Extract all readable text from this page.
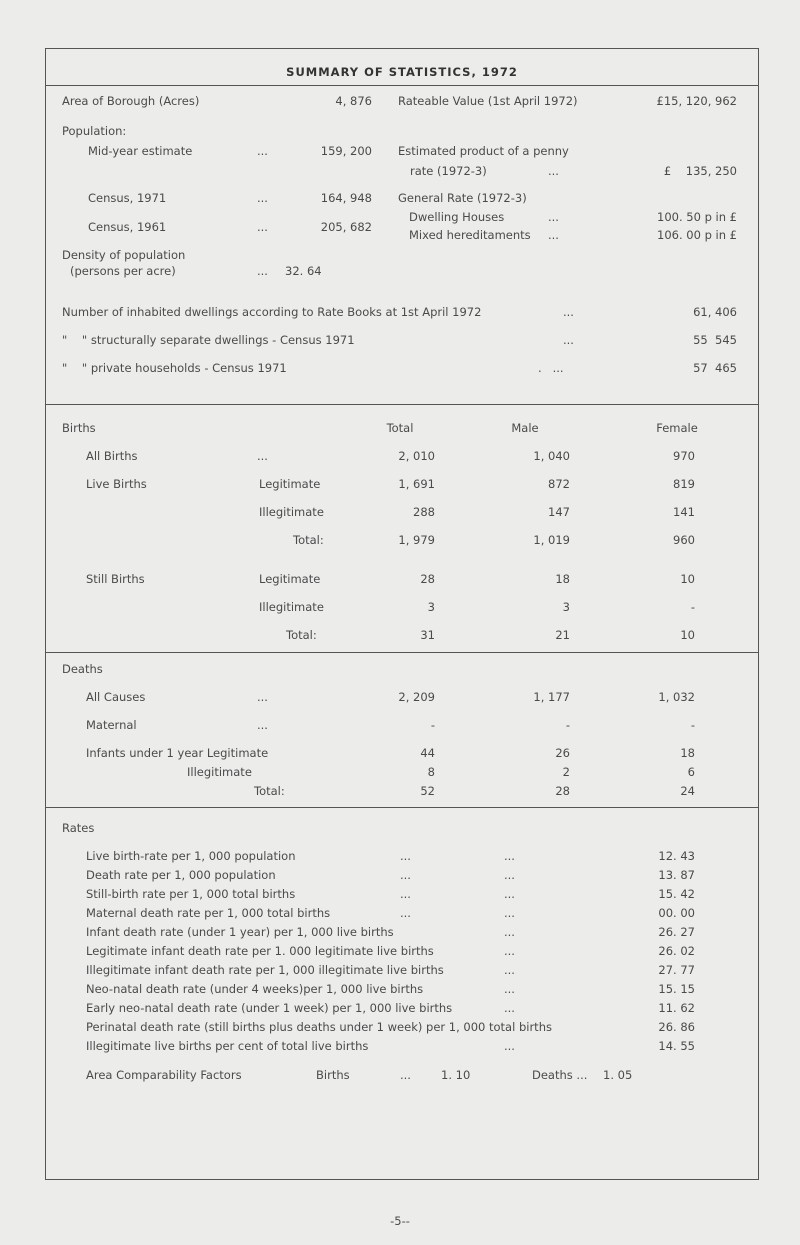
SUMMARY OF STATISTICS, 1972
Area of Borough (Acres)	4, 876 Rateable Value (1st April 1972)	£15, 120, 962
Population:
Mid-year estimate	...	159, 200 Estimated product of a penny
rate (1972-3)	...	£    135, 250
Census, 1971	...	164, 948 General Rate (1972-3)
Census, 1961	...	205, 682
Dwelling Houses	...	100. 50 p in £
Mixed hereditaments ...	106. 00 p in £
Density of population
(persons per acre)	... 32. 64
Number of inhabited dwellings according to Rate Books at 1st April 1972	...	61, 406
"    " structurally separate dwellings - Census 1971	...	55  545
"    " private households - Census 1971	.   ...	57  465
Births	Total	Male	Female
All Births	...	2, 010	1, 040	970
Live Births	Legitimate	1, 691	872	819
Illegitimate	288	147	141
Total:	1, 979	1, 019	960
Still Births	Legitimate	28	18	10
Illegitimate	3	3	-
Total:	31	21	10
Deaths
All Causes	...	2, 209	1, 177	1, 032
Maternal	...	-	-	-
Infants under 1 year Legitimate	44	26	18
Illegitimate	8	2	6
Total:	52	28	24
Rates
Live birth-rate per 1, 000 population	...	...	12. 43
Death rate per 1, 000 population	...	...	13. 87
Still-birth rate per 1, 000 total births	...	...	15. 42
Maternal death rate per 1, 000 total births	...	...	00. 00
Infant death rate (under 1 year) per 1, 000 live births	...	26. 27
Legitimate infant death rate per 1. 000 legitimate live births	...	26. 02
Illegitimate infant death rate per 1, 000 illegitimate live births	...	27. 77
Neo-natal death rate (under 4 weeks)per 1, 000 live births	...	15. 15
Early neo-natal death rate (under 1 week) per 1, 000 live births	...	11. 62
Perinatal death rate (still births plus deaths under 1 week) per 1, 000 total births	26. 86
Illegitimate live births per cent of total live births	...	14. 55
Area Comparability Factors	Births	...	1. 10	Deaths ... 1. 05
-5--
